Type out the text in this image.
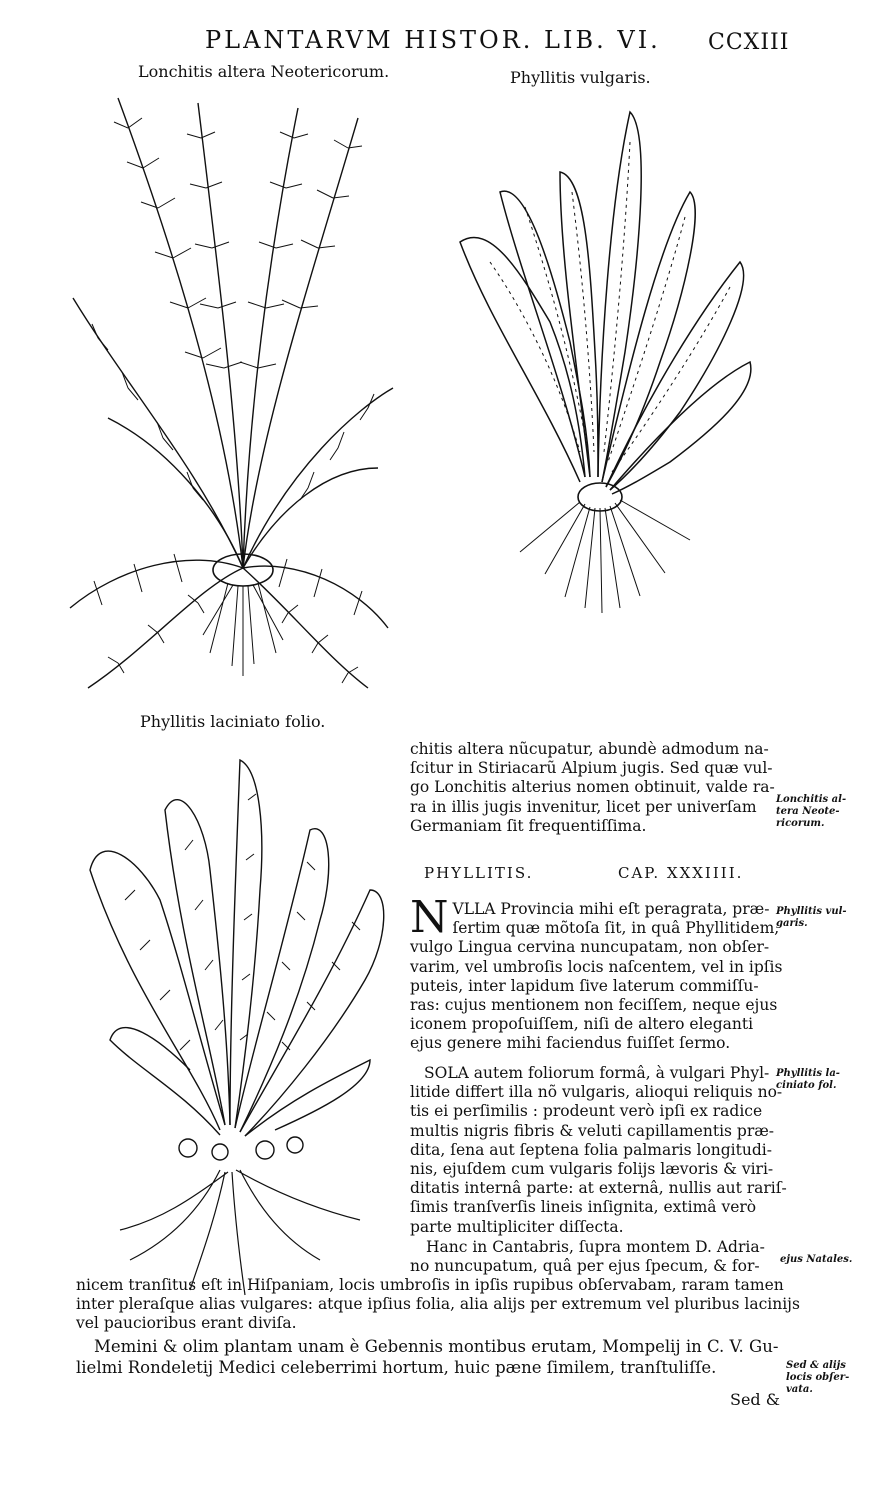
PLANTARVM HISTOR. LIB. VI. CCXIII
Lonchitis altera Neotericorum.	Phyllitis vulgaris.
Phyllitis laciniato folio.
chitis altera nũcupatur, abundè admodum na-
ſcitur in Stiriacarũ Alpium jugis. Sed quæ vul-
go Lonchitis alterius nomen obtinuit, valde ra-
ra in illis jugis invenitur, licet per univerſam
Germaniam ſit frequentiſſima.
PHYLLITIS.	CAP. XXXIIII.
N VLLA Provincia mihi eſt peragrata, præ-
ſertim quæ mõtoſa ſit, in quâ Phyllitidem,
vulgo Lingua cervina nuncupatam, non obſer-
varim, vel umbroſis locis naſcentem, vel in ipſis
puteis, inter lapidum ſive laterum commiſſu-
ras: cujus mentionem non feciſſem, neque ejus
iconem propoſuiſſem, niſi de altero eleganti
ejus genere mihi faciendus fuiſſet ſermo.
SOLA autem foliorum formâ, à vulgari Phyl-
litide differt illa nõ vulgaris, alioqui reliquis no-
tis ei perſimilis : prodeunt verò ipſi ex radice
multis nigris fibris & veluti capillamentis præ-
dita, ſena aut ſeptena folia palmaris longitudi-
nis, ejuſdem cum vulgaris folijs lævoris & viri-
ditatis internâ parte: at externâ, nullis aut rariſ-
ſimis tranſverſis lineis inſignita, extimâ verò
parte multipliciter diſſecta.
Hanc in Cantabris, ſupra montem D. Adria-
no nuncupatum, quâ per ejus ſpecum, & for-
nicem tranſitus eſt in Hiſpaniam, locis umbroſis in ipſis rupibus obſervabam, raram tamen
inter pleraſque alias vulgares: atque ipſius folia, alia alijs per extremum vel pluribus lacinijs
vel paucioribus erant diviſa.
Memini & olim plantam unam è Gebennis montibus erutam, Mompelij in C. V. Gu-
lielmi Rondeletij Medici celeberrimi hortum, huic pæne ſimilem, tranſtuliſſe.
Sed &
Lonchitis al-
tera Neote-
ricorum.
Phyllitis vul-
garis.
Phyllitis la-
ciniato fol.
ejus Natales.
Sed & alijs
locis obſer-
vata.
